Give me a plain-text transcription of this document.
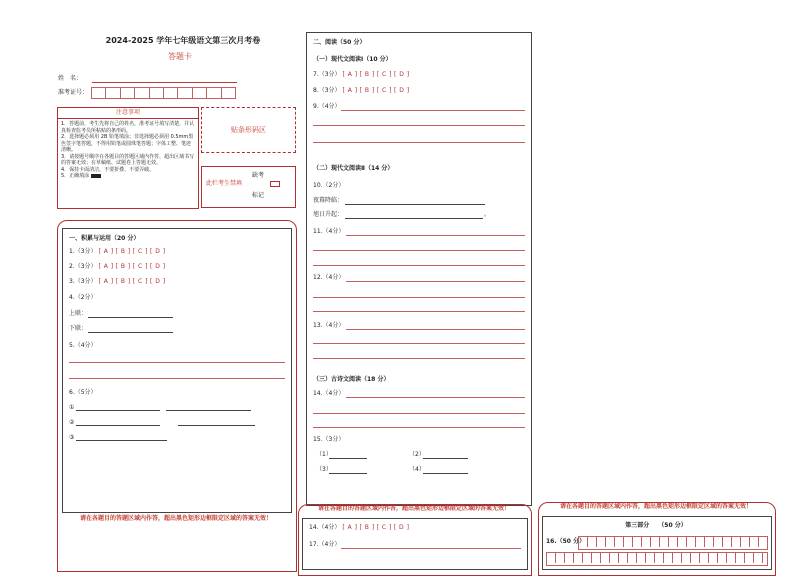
2024-2025 学年七年级语文第三次月考卷
答题卡
姓　名：
准考证号：
注意事项
1．答题前，考生先将自己的姓名，准考证号填写清楚，并认真检查监考员所粘贴的条形码。
2．选择题必须用 2B 铅笔填涂；非选择题必须用 0.5mm黑色签字笔答题，不得用铅笔或圆珠笔答题；字体工整、笔迹清晰。
3．请按题号顺序在各题目的答题区域内作答，超出区域书写的答案无效；在草稿纸、试题卷上答题无效。
4．保持卡面清洁，不要折叠、不要弄破。
5．正确填涂
贴条形码区
此栏考生禁填
缺考
标记
一、积累与运用（20 分）
1.（3分） [ A ] [ B ] [ C ] [ D ]
2.（3分） [ A ] [ B ] [ C ] [ D ]
3.（3分） [ A ] [ B ] [ C ] [ D ]
4.（2分）
上联：
下联：
5.（4分）
6.（5分）
①
②
③
请在各题目的答题区域内作答，超出黑色矩形边框限定区域的答案无效！
二、阅读（50 分）
（一）现代文阅读Ⅰ（10 分）
7.（3分） [ A ] [ B ] [ C ] [ D ]
8.（3分） [ A ] [ B ] [ C ] [ D ]
9.（4分）
（二）现代文阅读Ⅱ（14 分）
10.（2分）
夜幕降临：
旭日升起：	。
11.（4分）
12.（4分）
13.（4分）
（三）古诗文阅读（18 分）
14.（4分）
15.（3分）
（1）	（2）
（3）	（4）
请在各题目的答题区域内作答，超出黑色矩形边框限定区域的答案无效！
14.（4分） [ A ] [ B ] [ C ] [ D ]
17.（4分）
请在各题目的答题区域内作答，超出黑色矩形边框限定区域的答案无效！
第三部分　　（50 分）
16.（50 分）
